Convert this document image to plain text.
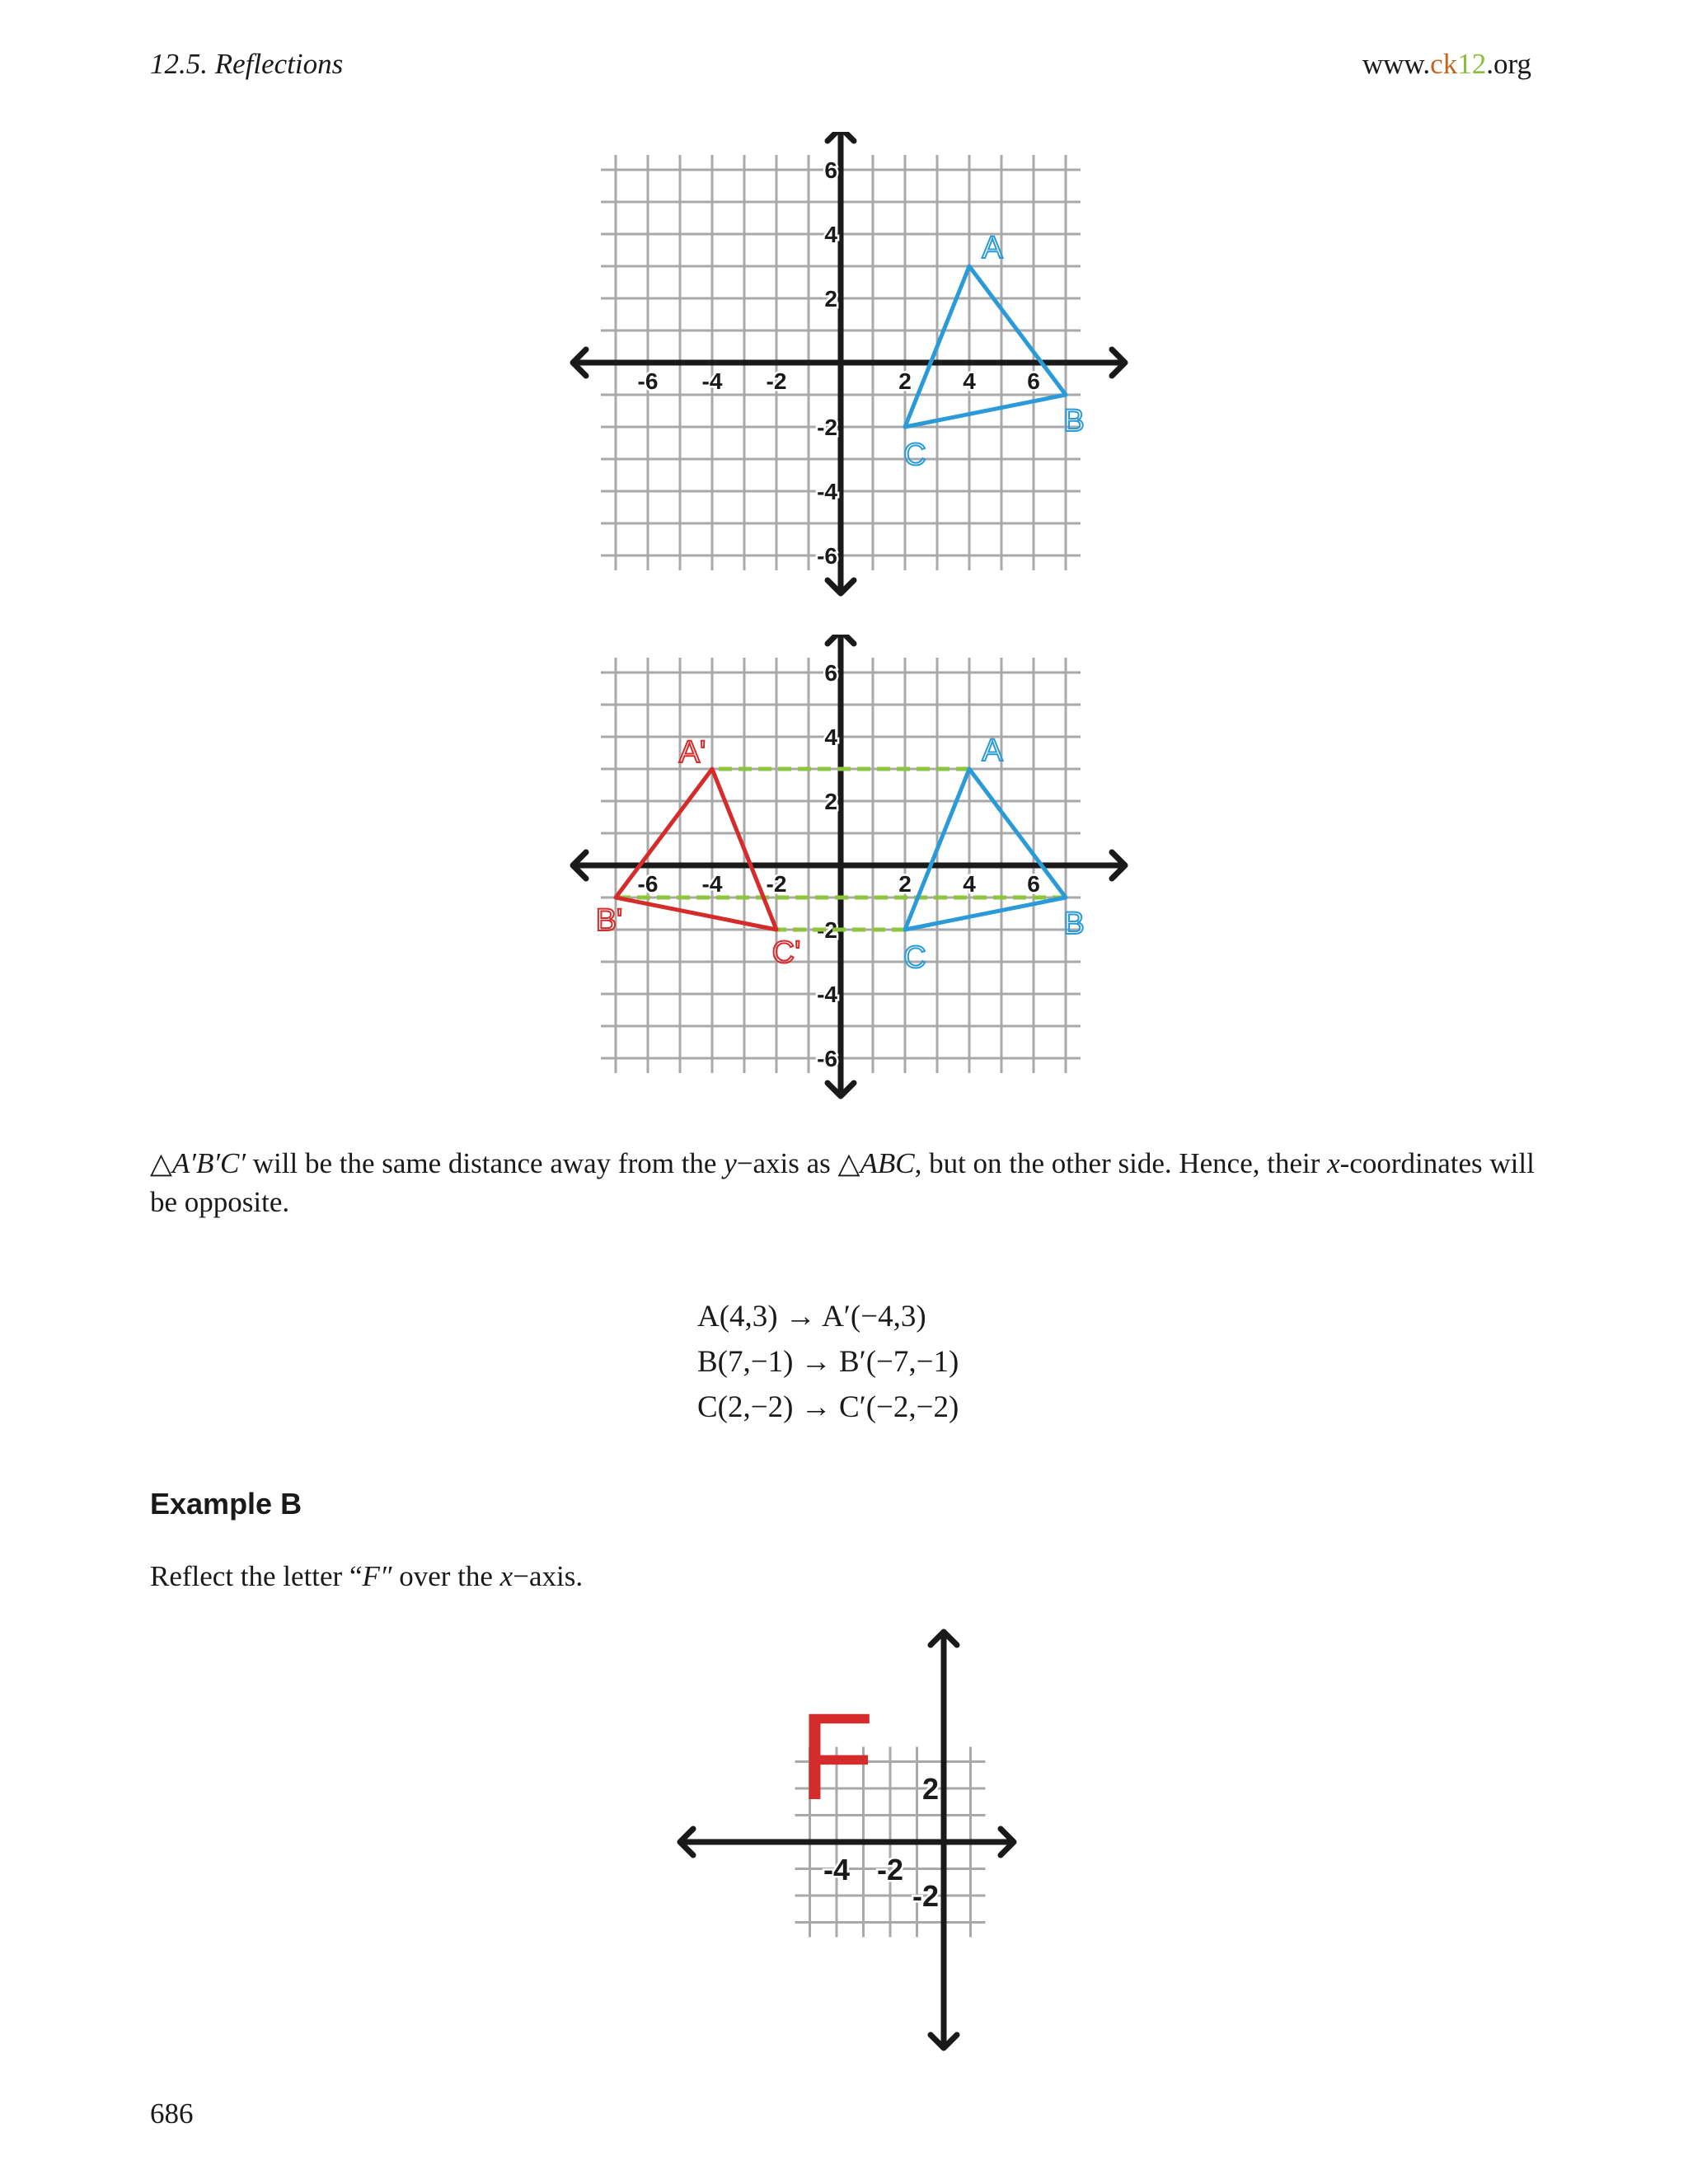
12.5. Reflections	www.ck12.org
-6 -4 -2	2 4 6
6
4
2
-2
-4
-6
A
B
C
-6 -4 -2	2 4 6
6
4
2
-2
-4
-6
A'
B'
C'
A
B
C
△A′B′C′ will be the same distance away from the y−axis as △ABC, but on the other side. Hence, their x-coordinates will be opposite.
A(4,3) → A′(−4,3)
B(7,−1) → B′(−7,−1)
C(2,−2) → C′(−2,−2)
Example B
Reflect the letter “F″ over the x−axis.
-4 -2
2
-2
F
686
